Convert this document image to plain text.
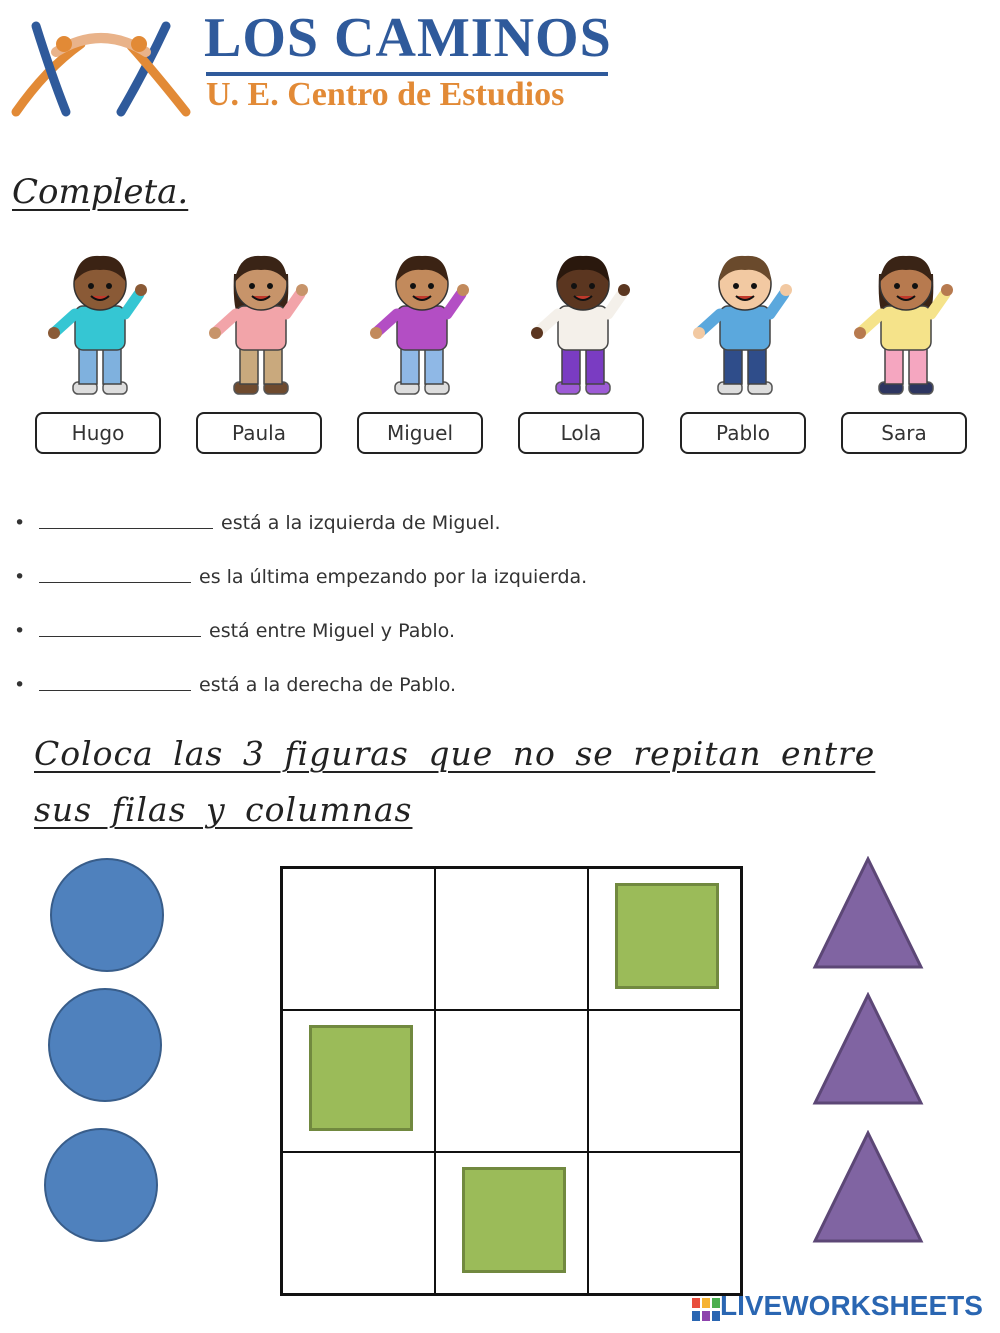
LOS CAMINOS
U. E. Centro de Estudios
Completa.
Hugo	Paula	Miguel	Lola	Pablo	Sara
•	está a la izquierda de Miguel.
•	es la última empezando por la izquierda.
•	está entre Miguel y Pablo.
•	está a la derecha de Pablo.
Coloca las 3 figuras que no se repitan entre sus filas y columnas
LIVEWORKSHEETS
